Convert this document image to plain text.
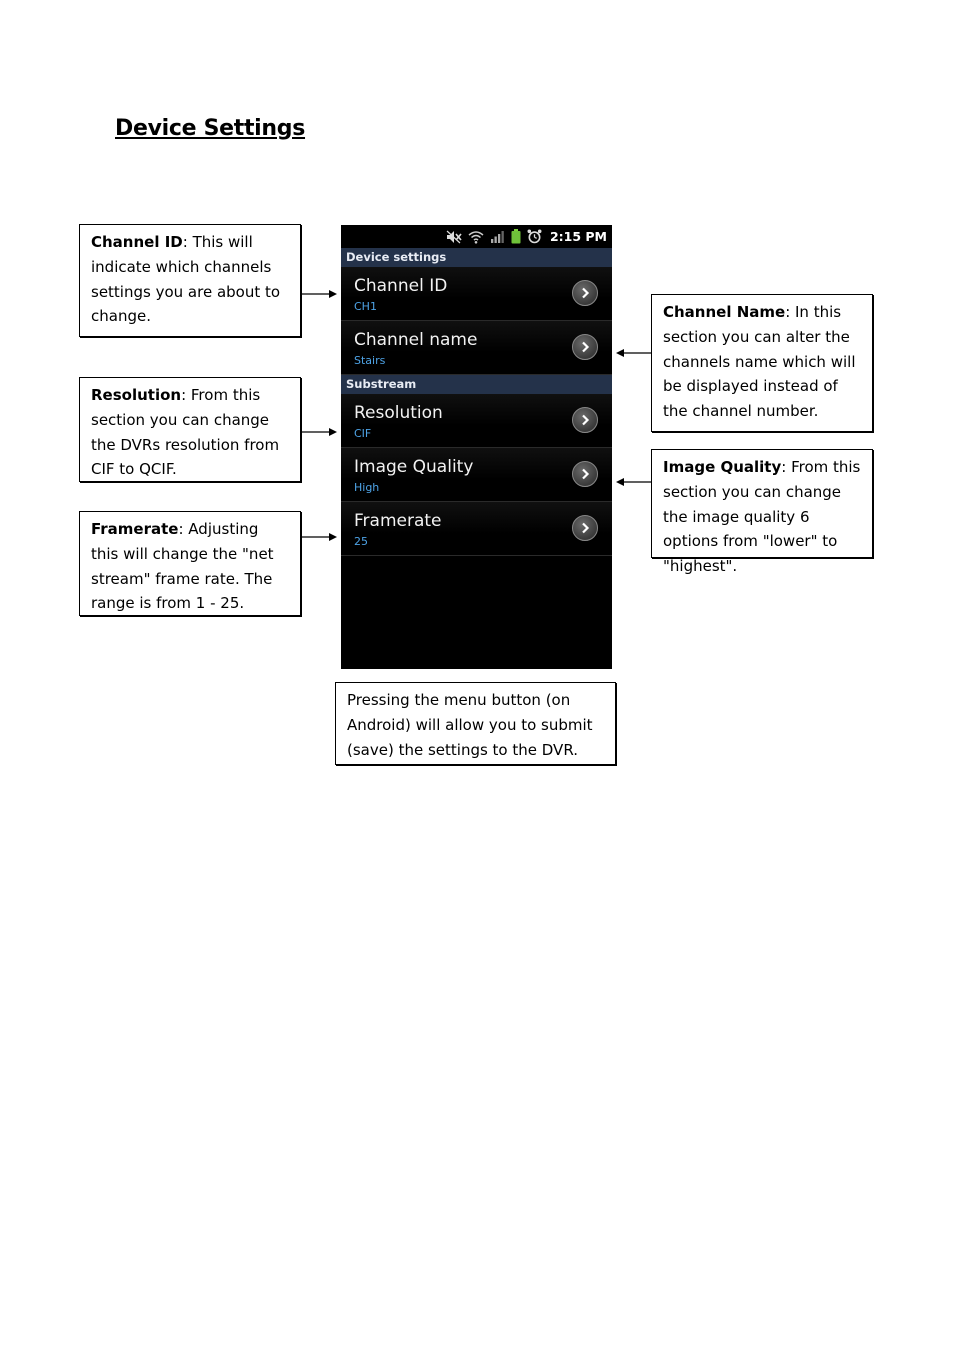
Device Settings
Channel ID: This will indicate which channels settings you are about to change.
Resolution: From this section you can change the DVRs resolution from CIF to QCIF.
Framerate: Adjusting this will change the "net stream" frame rate. The range is from 1 - 25.
Channel Name: In this section you can alter the channels name which will be displayed instead of the channel number.
Image Quality: From this section you can change the image quality 6 options from "lower" to "highest".
Pressing the menu button (on Android) will allow you to submit (save) the settings to the DVR.
2:15 PM
Device settings
Channel ID
CH1
Channel name
Stairs
Substream
Resolution
CIF
Image Quality
High
Framerate
25
